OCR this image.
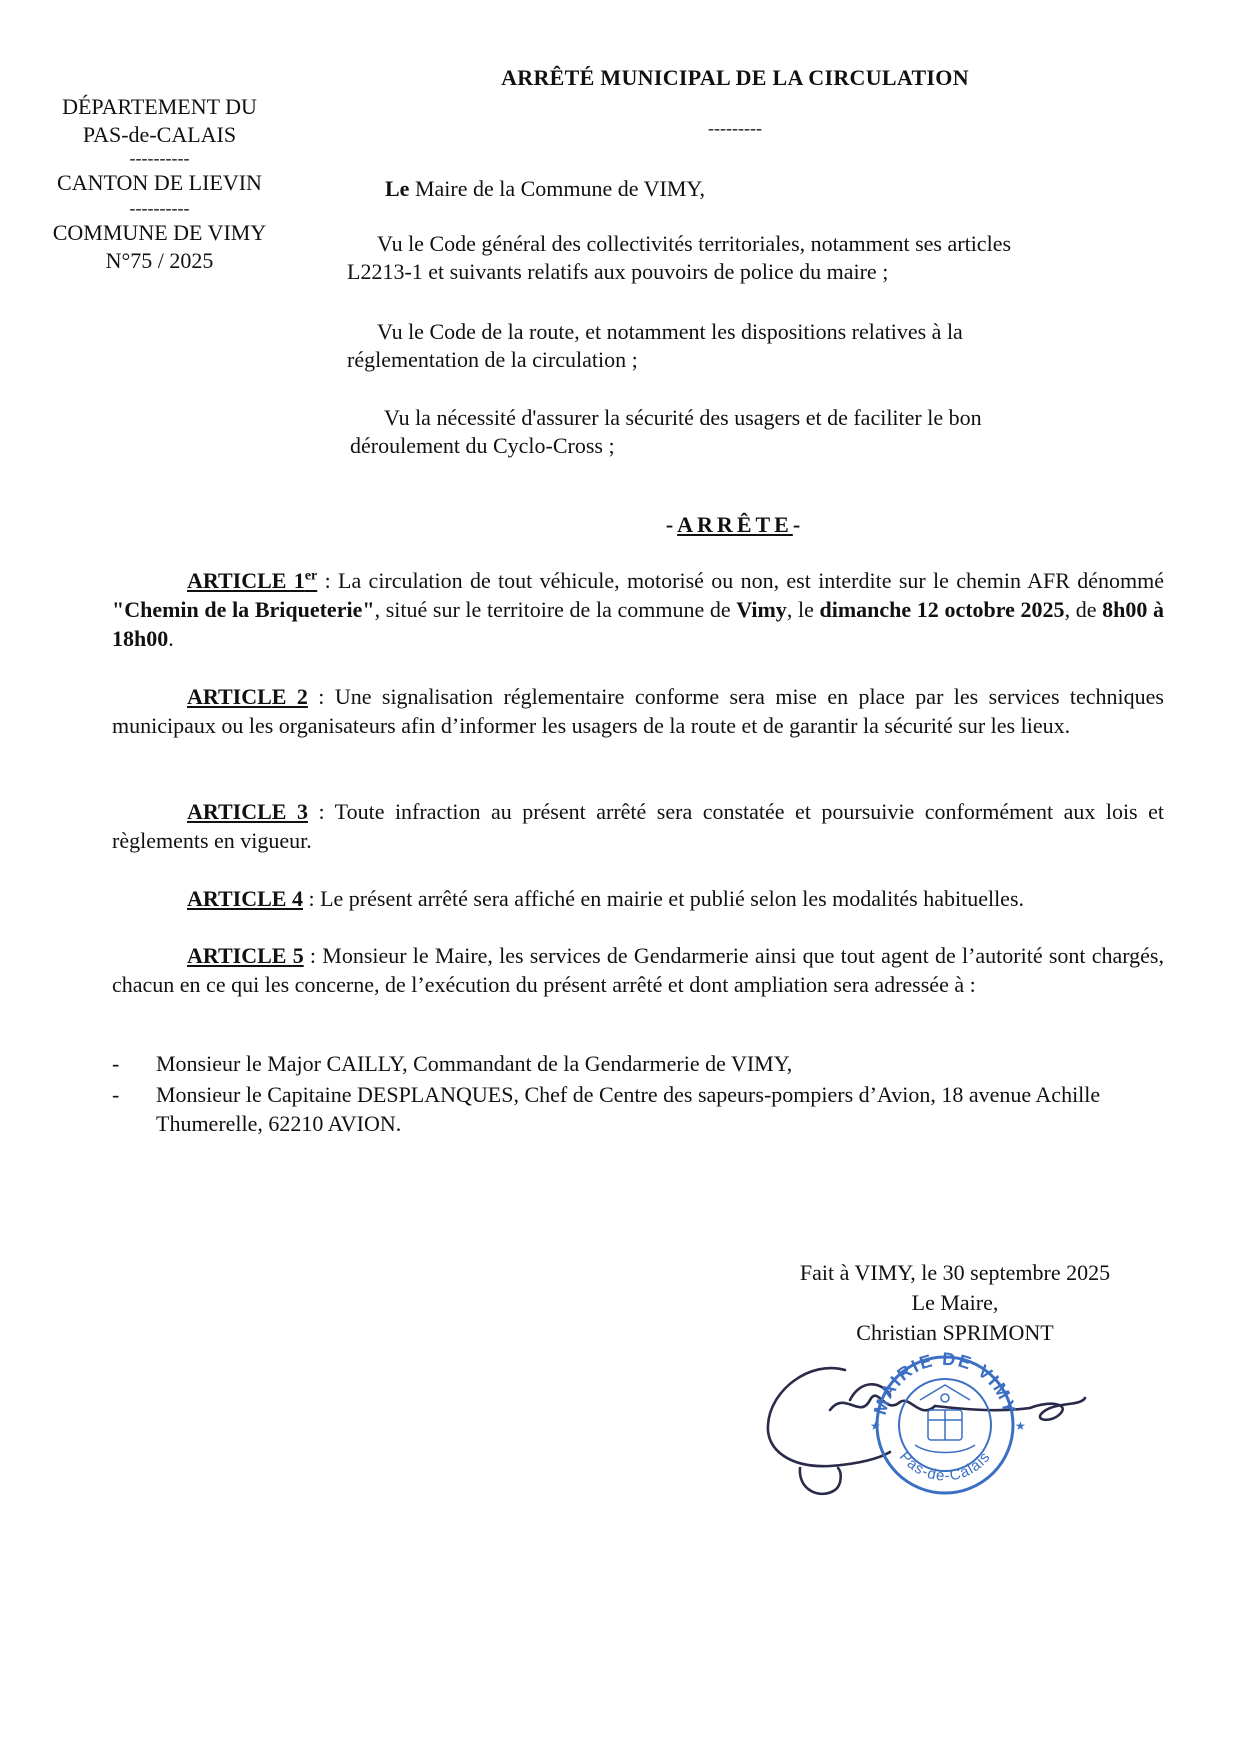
DÉPARTEMENT DU
PAS-de-CALAIS
----------
CANTON DE LIEVIN
----------
COMMUNE DE VIMY
N°75 / 2025
ARRÊTÉ MUNICIPAL DE LA CIRCULATION
---------
Le Maire de la Commune de VIMY,
Vu le Code général des collectivités territoriales, notamment ses articles
L2213-1 et suivants relatifs aux pouvoirs de police du maire ;
Vu le Code de la route, et notamment les dispositions relatives à la
réglementation de la circulation ;
Vu la nécessité d'assurer la sécurité des usagers et de faciliter le bon
déroulement du Cyclo-Cross ;
-ARRÊTE-
ARTICLE 1er : La circulation de tout véhicule, motorisé ou non, est interdite sur le chemin AFR dénommé "Chemin de la Briqueterie", situé sur le territoire de la commune de Vimy, le dimanche 12 octobre 2025, de 8h00 à 18h00.
ARTICLE 2 : Une signalisation réglementaire conforme sera mise en place par les services techniques municipaux ou les organisateurs afin d’informer les usagers de la route et de garantir la sécurité sur les lieux.
ARTICLE 3 : Toute infraction au présent arrêté sera constatée et poursuivie conformément aux lois et règlements en vigueur.
ARTICLE 4 : Le présent arrêté sera affiché en mairie et publié selon les modalités habituelles.
ARTICLE 5 : Monsieur le Maire, les services de Gendarmerie ainsi que tout agent de l’autorité sont chargés, chacun en ce qui les concerne, de l’exécution du présent arrêté et dont ampliation sera adressée à :
- Monsieur le Major CAILLY, Commandant de la Gendarmerie de VIMY,
- Monsieur le Capitaine DESPLANQUES, Chef de Centre des sapeurs-pompiers d’Avion, 18 avenue Achille Thumerelle, 62210 AVION.
Fait à VIMY, le 30 septembre 2025
Le Maire,
Christian SPRIMONT
MAIRIE DE VIMY
Pas-de-Calais
★
★
